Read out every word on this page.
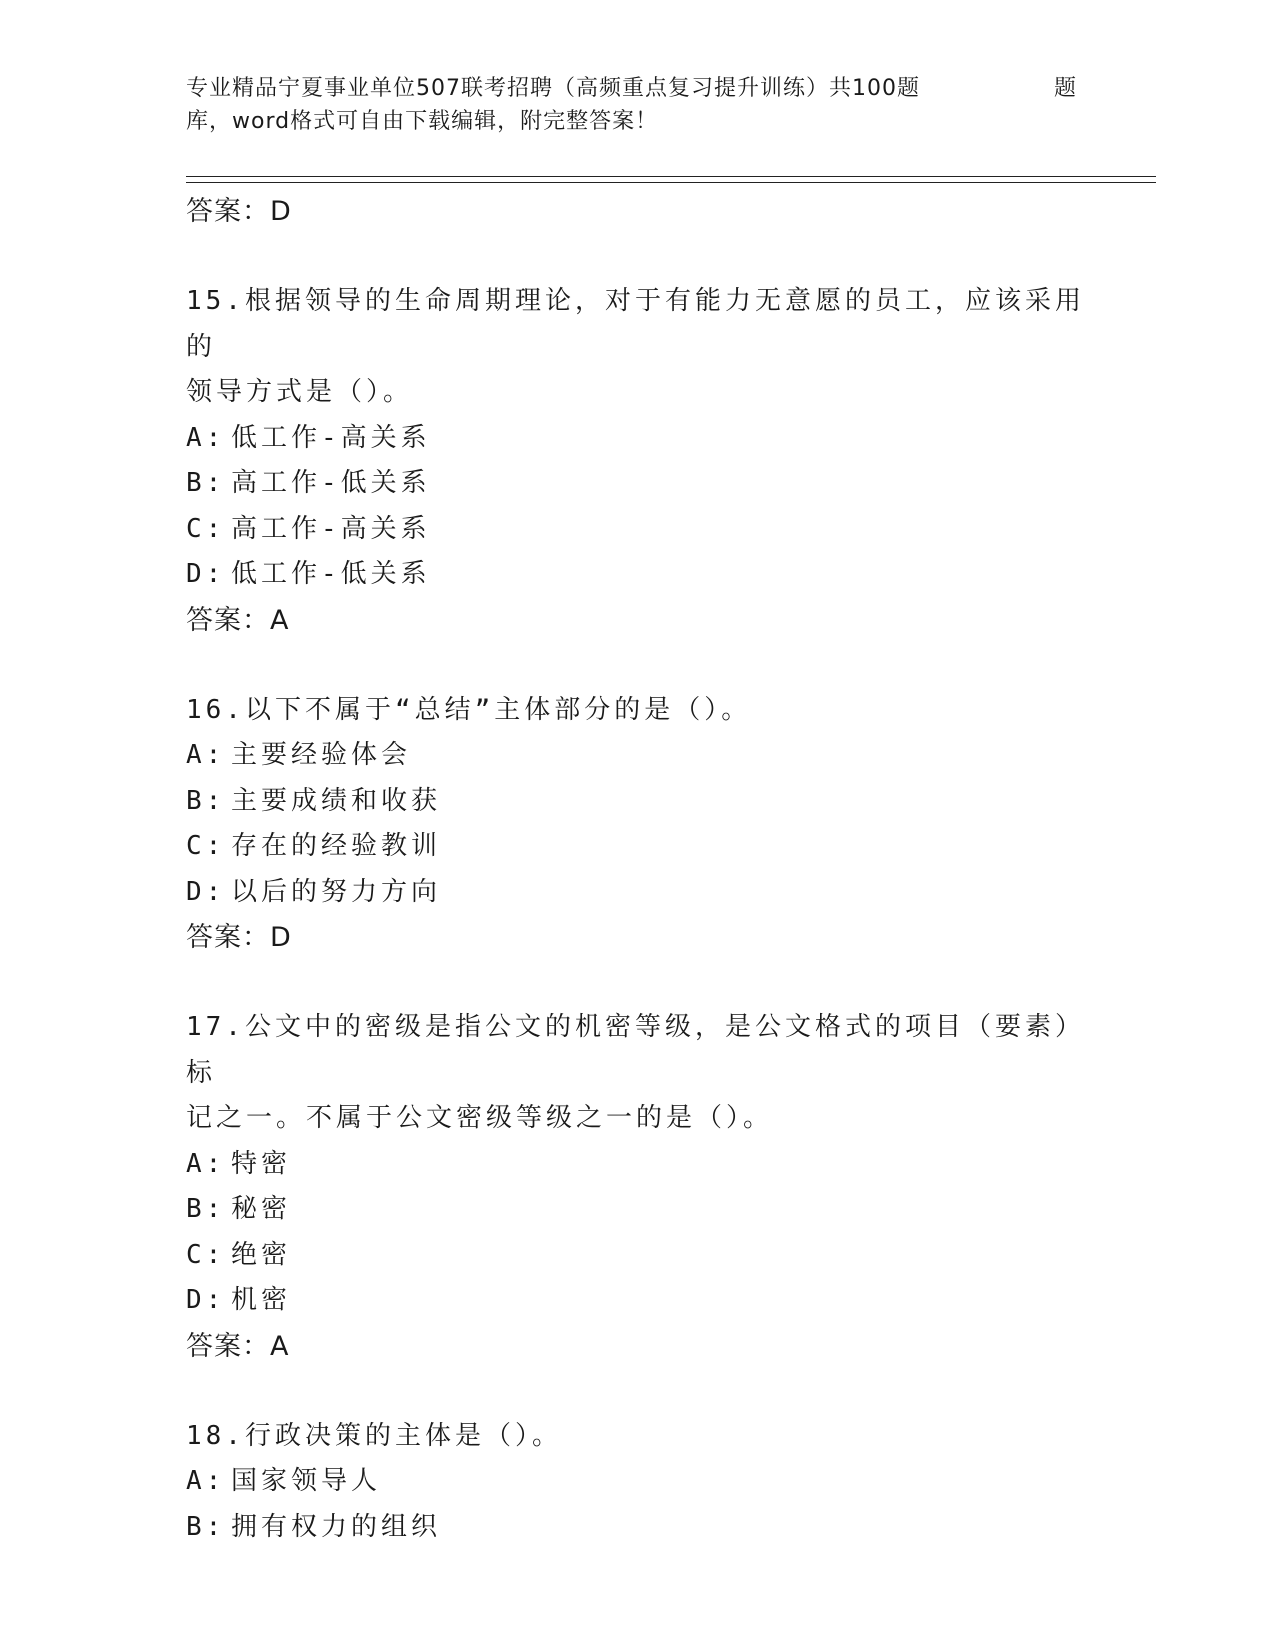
专业精品宁夏事业单位507联考招聘（高频重点复习提升训练）共100题	题
库，word格式可自由下载编辑，附完整答案！
答案：D

15.根据领导的生命周期理论，对于有能力无意愿的员工，应该采用的

领导方式是（）。

A: 低工作-高关系
B: 高工作-低关系
C: 高工作-高关系
D: 低工作-低关系
答案：A

16.以下不属于“总结”主体部分的是（）。

A: 主要经验体会
B: 主要成绩和收获
C: 存在的经验教训
D: 以后的努力方向
答案：D

17.公文中的密级是指公文的机密等级，是公文格式的项目（要素）标

记之一。不属于公文密级等级之一的是（）。

A: 特密
B: 秘密
C: 绝密
D: 机密
答案：A

18.行政决策的主体是（）。

A: 国家领导人
B: 拥有权力的组织
